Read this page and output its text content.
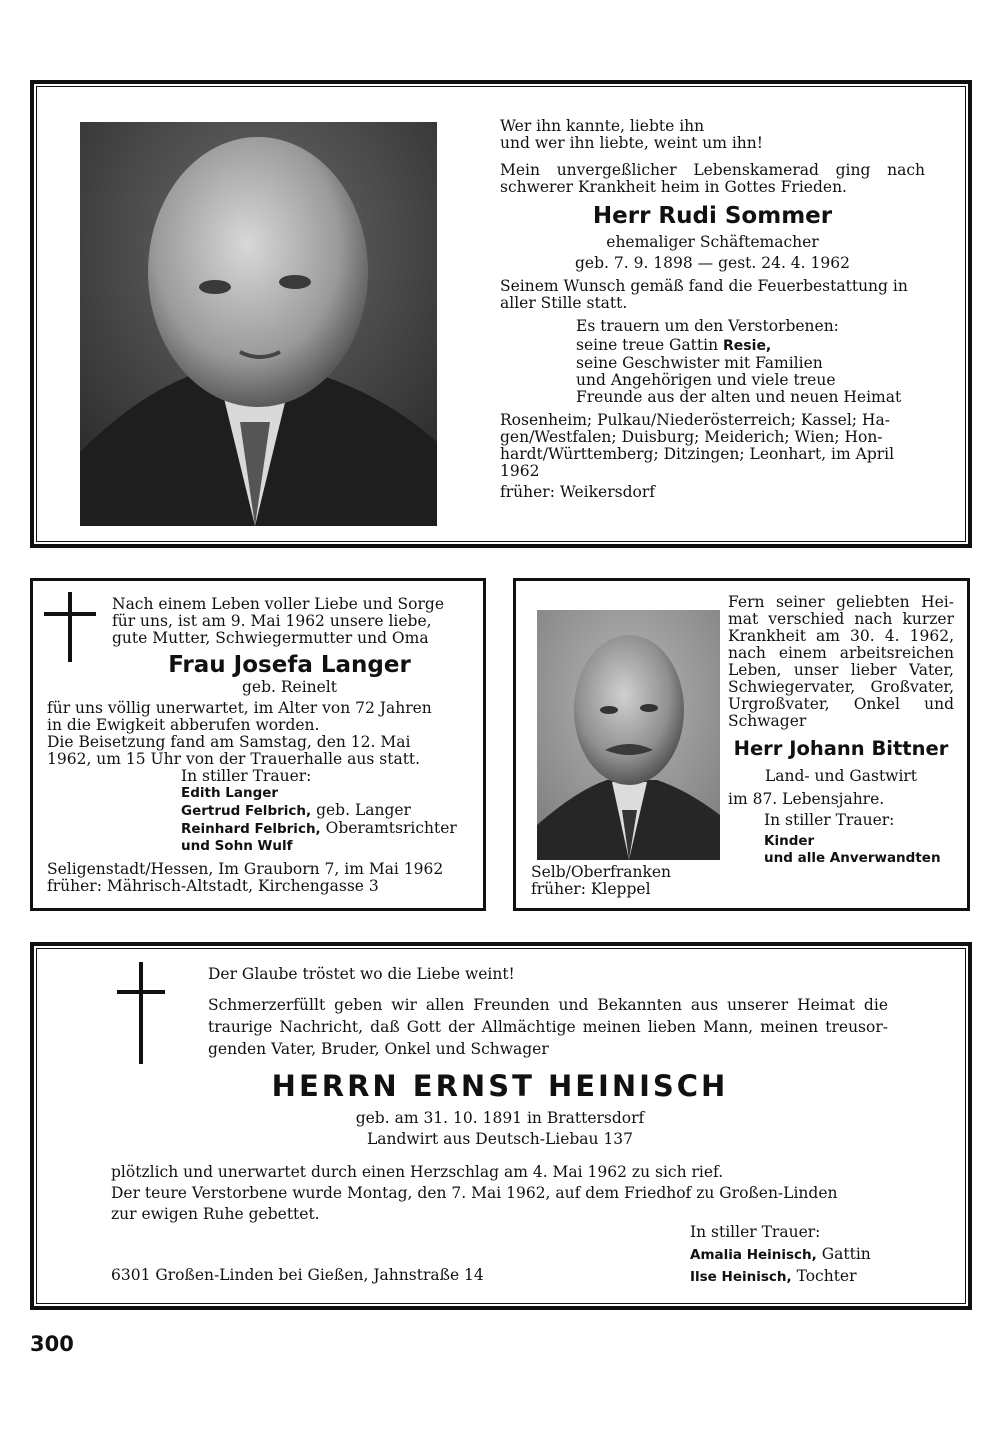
Wer ihn kannte, liebte ihn

und wer ihn liebte, weint um ihn!

Mein unvergeßlicher Lebenskamerad ging nach

schwerer Krankheit heim in Gottes Frieden.

Herr Rudi Sommer

ehemaliger Schäftemacher

geb. 7. 9. 1898 — gest. 24. 4. 1962

Seinem Wunsch gemäß fand die Feuerbestattung in

aller Stille statt.

Es trauern um den Verstorbenen:

seine treue Gattin Resie,

seine Geschwister mit Familien

und Angehörigen und viele treue

Freunde aus der alten und neuen Heimat

Rosenheim; Pulkau/Niederösterreich; Kassel; Ha-

gen/Westfalen; Duisburg; Meiderich; Wien; Hon-

hardt/Württemberg; Ditzingen; Leonhart, im April

1962

früher: Weikersdorf

Nach einem Leben voller Liebe und Sorge

für uns, ist am 9. Mai 1962 unsere liebe,

gute Mutter, Schwiegermutter und Oma

Frau Josefa Langer

geb. Reinelt

für uns völlig unerwartet, im Alter von 72 Jahren

in die Ewigkeit abberufen worden.

Die Beisetzung fand am Samstag, den 12. Mai

1962, um 15 Uhr von der Trauerhalle aus statt.

In stiller Trauer:

Edith Langer

Gertrud Felbrich, geb. Langer

Reinhard Felbrich, Oberamtsrichter

und Sohn Wulf

Seligenstadt/Hessen, Im Grauborn 7, im Mai 1962

früher: Mährisch-Altstadt, Kirchengasse 3

Fern seiner geliebten Hei-

mat verschied nach kurzer

Krankheit am 30. 4. 1962,

nach einem arbeitsreichen

Leben, unser lieber Vater,

Schwiegervater, Großvater,

Urgroßvater, Onkel und

Schwager

Herr Johann Bittner

Land- und Gastwirt

im 87. Lebensjahre.

In stiller Trauer:

Kinder

und alle Anverwandten

Selb/Oberfranken

früher: Kleppel

Der Glaube tröstet wo die Liebe weint!

Schmerzerfüllt geben wir allen Freunden und Bekannten aus unserer Heimat die

traurige Nachricht, daß Gott der Allmächtige meinen lieben Mann, meinen treusor-

genden Vater, Bruder, Onkel und Schwager

HERRN ERNST HEINISCH

geb. am 31. 10. 1891 in Brattersdorf

Landwirt aus Deutsch-Liebau 137

plötzlich und unerwartet durch einen Herzschlag am 4. Mai 1962 zu sich rief.

Der teure Verstorbene wurde Montag, den 7. Mai 1962, auf dem Friedhof zu Großen-Linden

zur ewigen Ruhe gebettet.

In stiller Trauer:

Amalia Heinisch, Gattin

Ilse Heinisch, Tochter

6301 Großen-Linden bei Gießen, Jahnstraße 14

300
